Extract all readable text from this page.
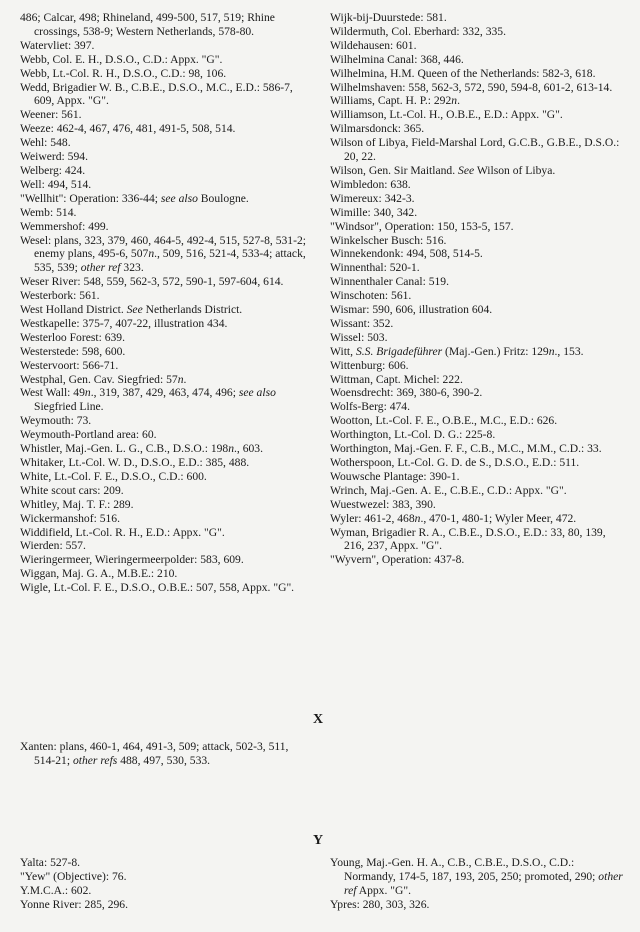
486; Calcar, 498; Rhineland, 499-500, 517, 519; Rhine crossings, 538-9; Western Netherlands, 578-80.

Watervliet: 397.

Webb, Col. E. H., D.S.O., C.D.: Appx. "G".

Webb, Lt.-Col. R. H., D.S.O., C.D.: 98, 106.

Wedd, Brigadier W. B., C.B.E., D.S.O., M.C., E.D.: 586-7, 609, Appx. "G".

Weener: 561.

Weeze: 462-4, 467, 476, 481, 491-5, 508, 514.

Wehl: 548.

Weiwerd: 594.

Welberg: 424.

Well: 494, 514.

"Wellhit": Operation: 336-44; see also Boulogne.

Wemb: 514.

Wemmershof: 499.

Wesel: plans, 323, 379, 460, 464-5, 492-4, 515, 527-8, 531-2; enemy plans, 495-6, 507n., 509, 516, 521-4, 533-4; attack, 535, 539; other ref 323.

Weser River: 548, 559, 562-3, 572, 590-1, 597-604, 614.

Westerbork: 561.

West Holland District. See Netherlands District.

Westkapelle: 375-7, 407-22, illustration 434.

Westerloo Forest: 639.

Westerstede: 598, 600.

Westervoort: 566-71.

Westphal, Gen. Cav. Siegfried: 57n.

West Wall: 49n., 319, 387, 429, 463, 474, 496; see also Siegfried Line.

Weymouth: 73.

Weymouth-Portland area: 60.

Whistler, Maj.-Gen. L. G., C.B., D.S.O.: 198n., 603.

Whitaker, Lt.-Col. W. D., D.S.O., E.D.: 385, 488.

White, Lt.-Col. F. E., D.S.O., C.D.: 600.

White scout cars: 209.

Whitley, Maj. T. F.: 289.

Wickermanshof: 516.

Widdifield, Lt.-Col. R. H., E.D.: Appx. "G".

Wierden: 557.

Wieringermeer, Wieringermeerpolder: 583, 609.

Wiggan, Maj. G. A., M.B.E.: 210.

Wigle, Lt.-Col. F. E., D.S.O., O.B.E.: 507, 558, Appx. "G".

Wijk-bij-Duurstede: 581.

Wildermuth, Col. Eberhard: 332, 335.

Wildehausen: 601.

Wilhelmina Canal: 368, 446.

Wilhelmina, H.M. Queen of the Netherlands: 582-3, 618.

Wilhelmshaven: 558, 562-3, 572, 590, 594-8, 601-2, 613-14.

Williams, Capt. H. P.: 292n.

Williamson, Lt.-Col. H., O.B.E., E.D.: Appx. "G".

Wilmarsdonck: 365.

Wilson of Libya, Field-Marshal Lord, G.C.B., G.B.E., D.S.O.: 20, 22.

Wilson, Gen. Sir Maitland. See Wilson of Libya.

Wimbledon: 638.

Wimereux: 342-3.

Wimille: 340, 342.

"Windsor", Operation: 150, 153-5, 157.

Winkelscher Busch: 516.

Winnekendonk: 494, 508, 514-5.

Winnenthal: 520-1.

Winnenthaler Canal: 519.

Winschoten: 561.

Wismar: 590, 606, illustration 604.

Wissant: 352.

Wissel: 503.

Witt, S.S. Brigadeführer (Maj.-Gen.) Fritz: 129n., 153.

Wittenburg: 606.

Wittman, Capt. Michel: 222.

Woensdrecht: 369, 380-6, 390-2.

Wolfs-Berg: 474.

Wootton, Lt.-Col. F. E., O.B.E., M.C., E.D.: 626.

Worthington, Lt.-Col. D. G.: 225-8.

Worthington, Maj.-Gen. F. F., C.B., M.C., M.M., C.D.: 33.

Wotherspoon, Lt.-Col. G. D. de S., D.S.O., E.D.: 511.

Wouwsche Plantage: 390-1.

Wrinch, Maj.-Gen. A. E., C.B.E., C.D.: Appx. "G".

Wuestwezel: 383, 390.

Wyler: 461-2, 468n., 470-1, 480-1; Wyler Meer, 472.

Wyman, Brigadier R. A., C.B.E., D.S.O., E.D.: 33, 80, 139, 216, 237, Appx. "G".

"Wyvern", Operation: 437-8.

X

Xanten: plans, 460-1, 464, 491-3, 509; attack, 502-3, 511, 514-21; other refs 488, 497, 530, 533.

Y

Yalta: 527-8.

"Yew" (Objective): 76.

Y.M.C.A.: 602.

Yonne River: 285, 296.

Young, Maj.-Gen. H. A., C.B., C.B.E., D.S.O., C.D.: Normandy, 174-5, 187, 193, 205, 250; promoted, 290; other ref Appx. "G".

Ypres: 280, 303, 326.
